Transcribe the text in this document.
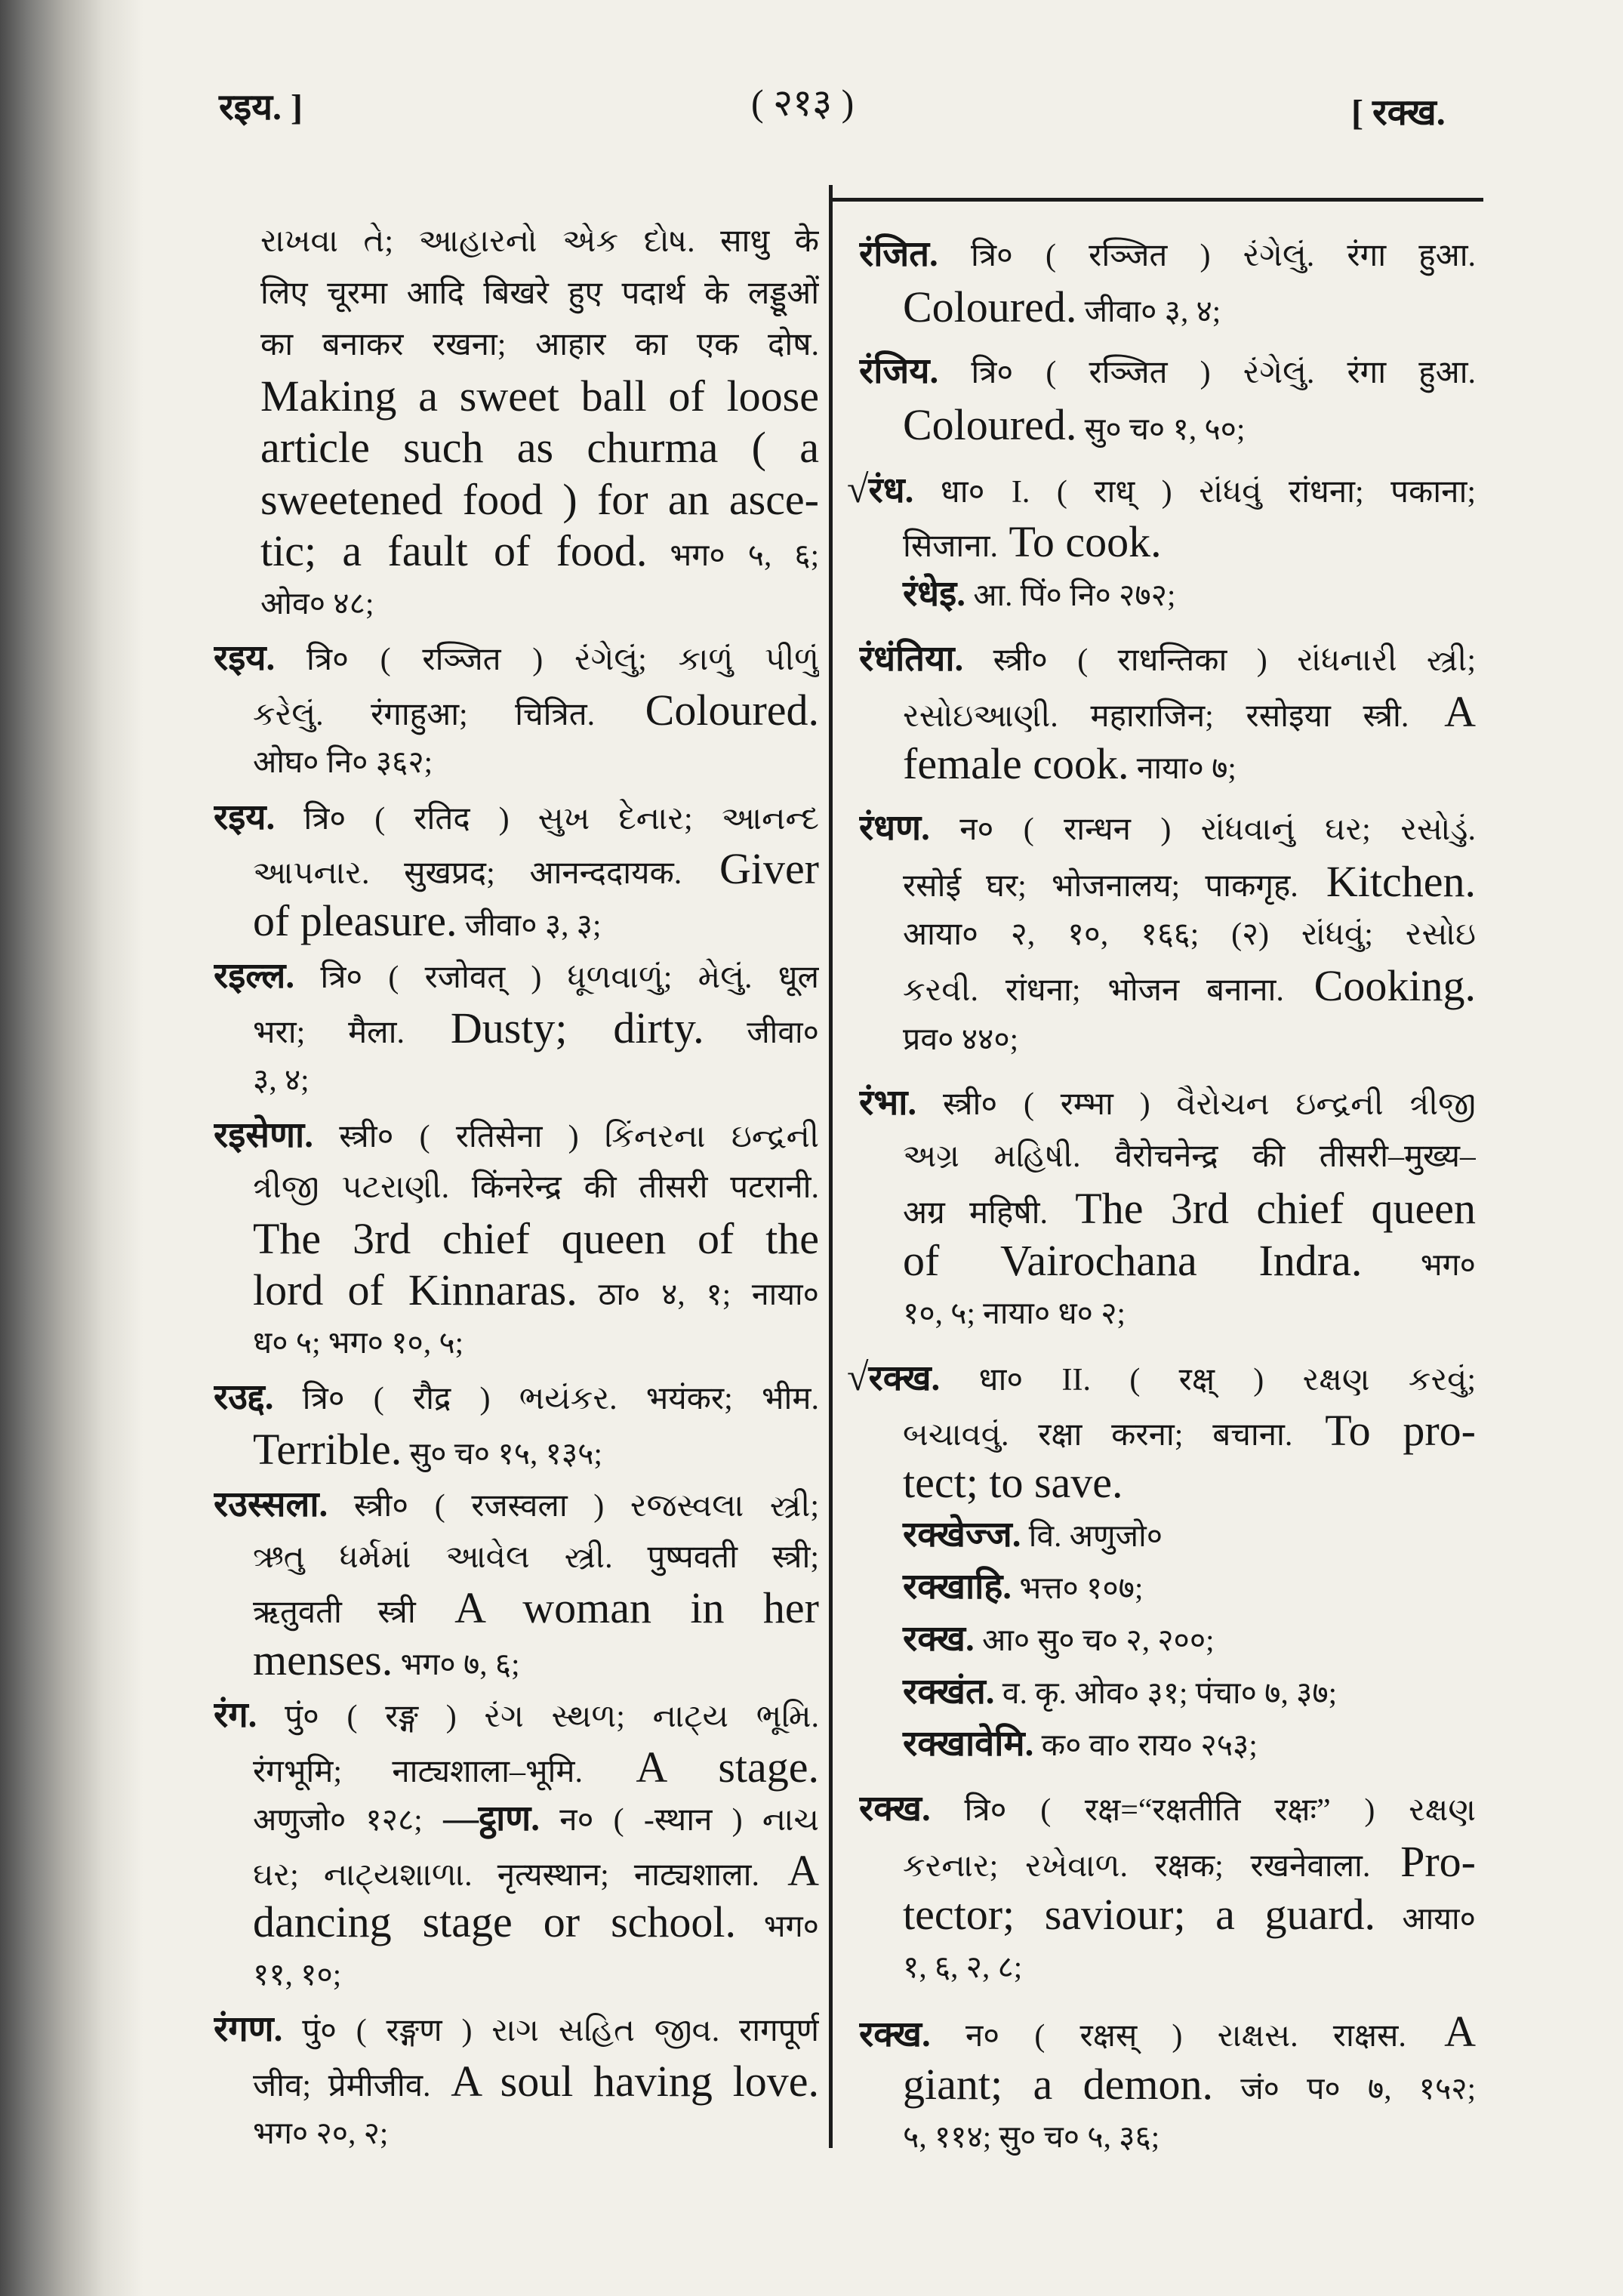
रइय. ]	( २१३ )	[ रक्ख.
રાખવા તે; આહારનો એક દોષ. साधु के
लिए चूरमा आदि बिखरे हुए पदार्थ के लड्डूओं
का बनाकर रखना; आहार का एक दोष.
Making a sweet ball of loose
article such as churma ( a
sweetened food ) for an asce-
tic; a fault of food. भग० ५, ६;
ओव० ४८;
रइय. त्रि० ( रञ्जित ) રંગેલું; કાળું પીળું
કરેલું. रंगाहुआ; चित्रित. Coloured.
ओघ० नि० ३६२;
रइय. त्रि० ( रतिद ) સુખ દેનાર; આનન્દ
આપનાર. सुखप्रद; आनन्ददायक. Giver
of pleasure. जीवा० ३, ३;
रइल्ल. त्रि० ( रजोवत् ) ધૂળવાળું; મેલું. धूल
भरा; मैला. Dusty; dirty. जीवा०
३, ४;
रइसेणा. स्त्री० ( रतिसेना ) કિંનરના ઇન્દ્રની
ત્રીજી પટરાણી. किंनरेन्द्र की तीसरी पटरानी.
The 3rd chief queen of the
lord of Kinnaras. ठा० ४, १; नाया०
ध० ५; भग० १०, ५;
रउद्द. त्रि० ( रौद्र ) ભયંકર. भयंकर; भीम.
Terrible. सु० च० १५, १३५;
रउस्सला. स्त्री० ( रजस्वला ) રજસ્વલા સ્ત્રી;
ઋતુ ધર્મમાં આવેલ સ્ત્રી. पुष्पवती स्त्री;
ऋतुवती स्त्री A woman in her
menses. भग० ७, ६;
रंग. पुं० ( रङ्ग ) રંગ સ્થળ; નાટ્ય ભૂમિ.
रंगभूमि; नाट्यशाला–भूमि. A stage.
अणुजो० १२८; —ट्ठाण. न० ( -स्थान ) નાચ
ઘર; નાટ્યશાળા. नृत्यस्थान; नाट्यशाला. A
dancing stage or school. भग०
११, १०;
रंगण. पुं० ( रङ्गण ) રાગ સહિત જીવ. रागपूर्ण
जीव; प्रेमीजीव. A soul having love.
भग० २०, २;
रंजित. त्रि० ( रञ्जित ) રંગેલું. रंगा हुआ.
Coloured. जीवा० ३, ४;
रंजिय. त्रि० ( रञ्जित ) રંગેલું. रंगा हुआ.
Coloured. सु० च० १, ५०;
√रंध. धा० I. ( राध् ) રાંધવું रांधना; पकाना;
सिजाना. To cook.
रंधेइ. आ. पिं० नि० २७२;
रंधंतिया. स्त्री० ( राधन्तिका ) રાંધનારી સ્ત્રી;
રસોઇઆણી. महाराजिन; रसोइया स्त्री. A
female cook. नाया० ७;
रंधण. न० ( रान्धन ) રાંધવાનું ઘર; રસોડું.
रसोई घर; भोजनालय; पाकगृह. Kitchen.
आया० २, १०, १६६; (२) રાંધવું; રસોઇ
કરવી. रांधना; भोजन बनाना. Cooking.
प्रव० ४४०;
रंभा. स्त्री० ( रम्भा ) વૈરોચન ઇન્દ્રની ત્રીજી
અગ્ર મહિષી. वैरोचनेन्द्र की तीसरी–मुख्य–
अग्र महिषी. The 3rd chief queen
of Vairochana Indra. भग०
१०, ५; नाया० ध० २;
√रक्ख. धा० II. ( रक्ष् ) રક્ષણ કરવું;
બચાવવું. रक्षा करना; बचाना. To pro-
tect; to save.
रक्खेज्ज. वि. अणुजो०
रक्खाहि. भत्त० १०७;
रक्ख. आ० सु० च० २, २००;
रक्खंत. व. कृ. ओव० ३१; पंचा० ७, ३७;
रक्खावेमि. क० वा० राय० २५३;
रक्ख. त्रि० ( रक्ष=“रक्षतीति रक्षः” ) રક્ષણ
કરનાર; રખેવાળ. रक्षक; रखनेवाला. Pro-
tector; saviour; a guard. आया०
१, ६, २, ८;
रक्ख. न० ( रक्षस् ) રાક્ષસ. राक्षस. A
giant; a demon. जं० प० ७, १५२;
५, ११४; सु० च० ५, ३६;
